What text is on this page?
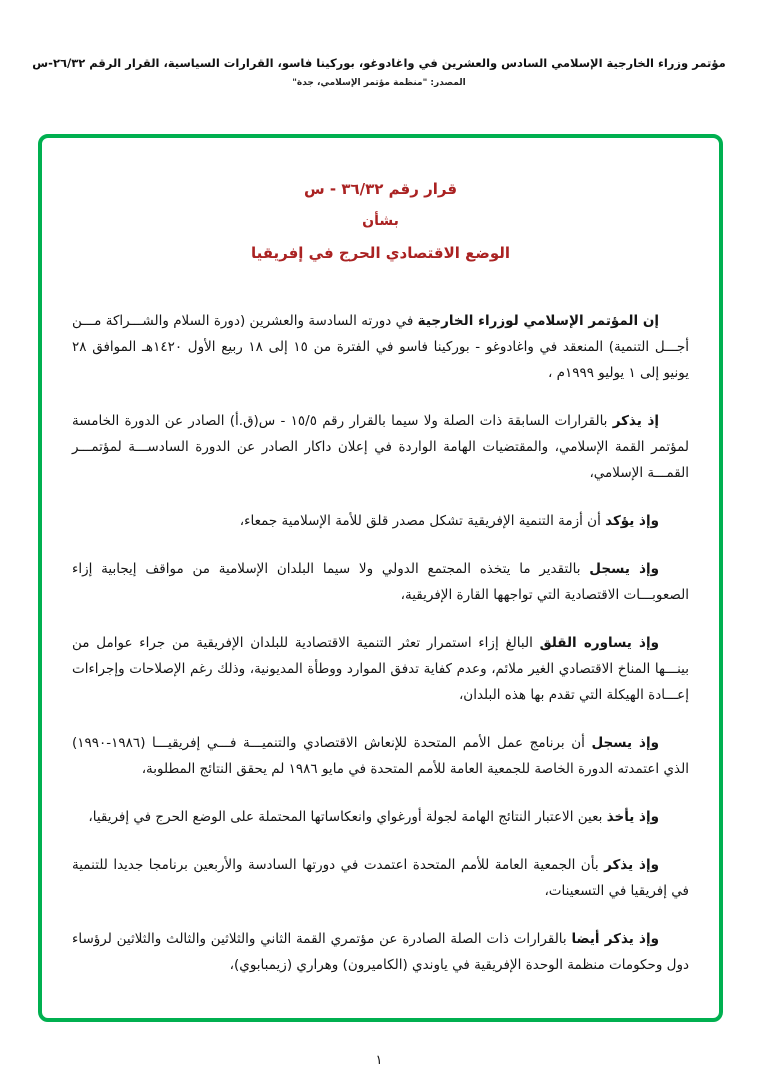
مؤتمر وزراء الخارجية الإسلامي السادس والعشرين في واغادوغو، بوركينا فاسو، القرارات السياسية، القرار الرقم ٢٦/٣٢-س
المصدر: "منظمة مؤتمر الإسلامي، جدة"
قرار رقم ٣٦/٣٢ - س
بشأن
الوضع الاقتصادي الحرج في إفريقيا

إن المؤتمر الإسلامي لوزراء الخارجية في دورته السادسة والعشرين (دورة السلام والشـــراكة مـــن أجـــل التنمية) المنعقد في واغادوغو - بوركينا فاسو في الفترة من ١٥ إلى ١٨ ربيع الأول ١٤٢٠هـ الموافق ٢٨ يونيو إلى ١ يوليو ١٩٩٩م ،

إذ يذكر بالقرارات السابقة ذات الصلة ولا سيما بالقرار رقم ١٥/٥ - س(ق.أ) الصادر عن الدورة الخامسة لمؤتمر القمة الإسلامي، والمقتضيات الهامة الواردة في إعلان داكار الصادر عن الدورة السادســـة لمؤتمـــر القمـــة الإسلامي،

وإذ يؤكد أن أزمة التنمية الإفريقية تشكل مصدر قلق للأمة الإسلامية جمعاء،

وإذ يسجل بالتقدير ما يتخذه المجتمع الدولي ولا سيما البلدان الإسلامية من مواقف إيجابية إزاء الصعوبـــات الاقتصادية التي تواجهها القارة الإفريقية،

وإذ يساوره القلق البالغ إزاء استمرار تعثر التنمية الاقتصادية للبلدان الإفريقية من جراء عوامل من بينـــها المناخ الاقتصادي الغير ملائم، وعدم كفاية تدفق الموارد ووطأة المديونية، وذلك رغم الإصلاحات وإجراءات إعـــادة الهيكلة التي تقدم بها هذه البلدان،

وإذ يسجل أن برنامج عمل الأمم المتحدة للإنعاش الاقتصادي والتنميـــة فـــي إفريقيـــا (١٩٨٦-١٩٩٠) الذي اعتمدته الدورة الخاصة للجمعية العامة للأمم المتحدة في مايو ١٩٨٦ لم يحقق النتائج المطلوبة،

وإذ يأخذ بعين الاعتبار النتائج الهامة لجولة أورغواي وانعكاساتها المحتملة على الوضع الحرج في إفريقيا،

وإذ يذكر بأن الجمعية العامة للأمم المتحدة اعتمدت في دورتها السادسة والأربعين برنامجا جديدا للتنمية في إفريقيا في التسعينات،

وإذ يذكر أيضا بالقرارات ذات الصلة الصادرة عن مؤتمري القمة الثاني والثلاثين والثالث والثلاثين لرؤساء دول وحكومات منظمة الوحدة الإفريقية في ياوندي (الكاميرون) وهراري (زيمبابوي)،

١
